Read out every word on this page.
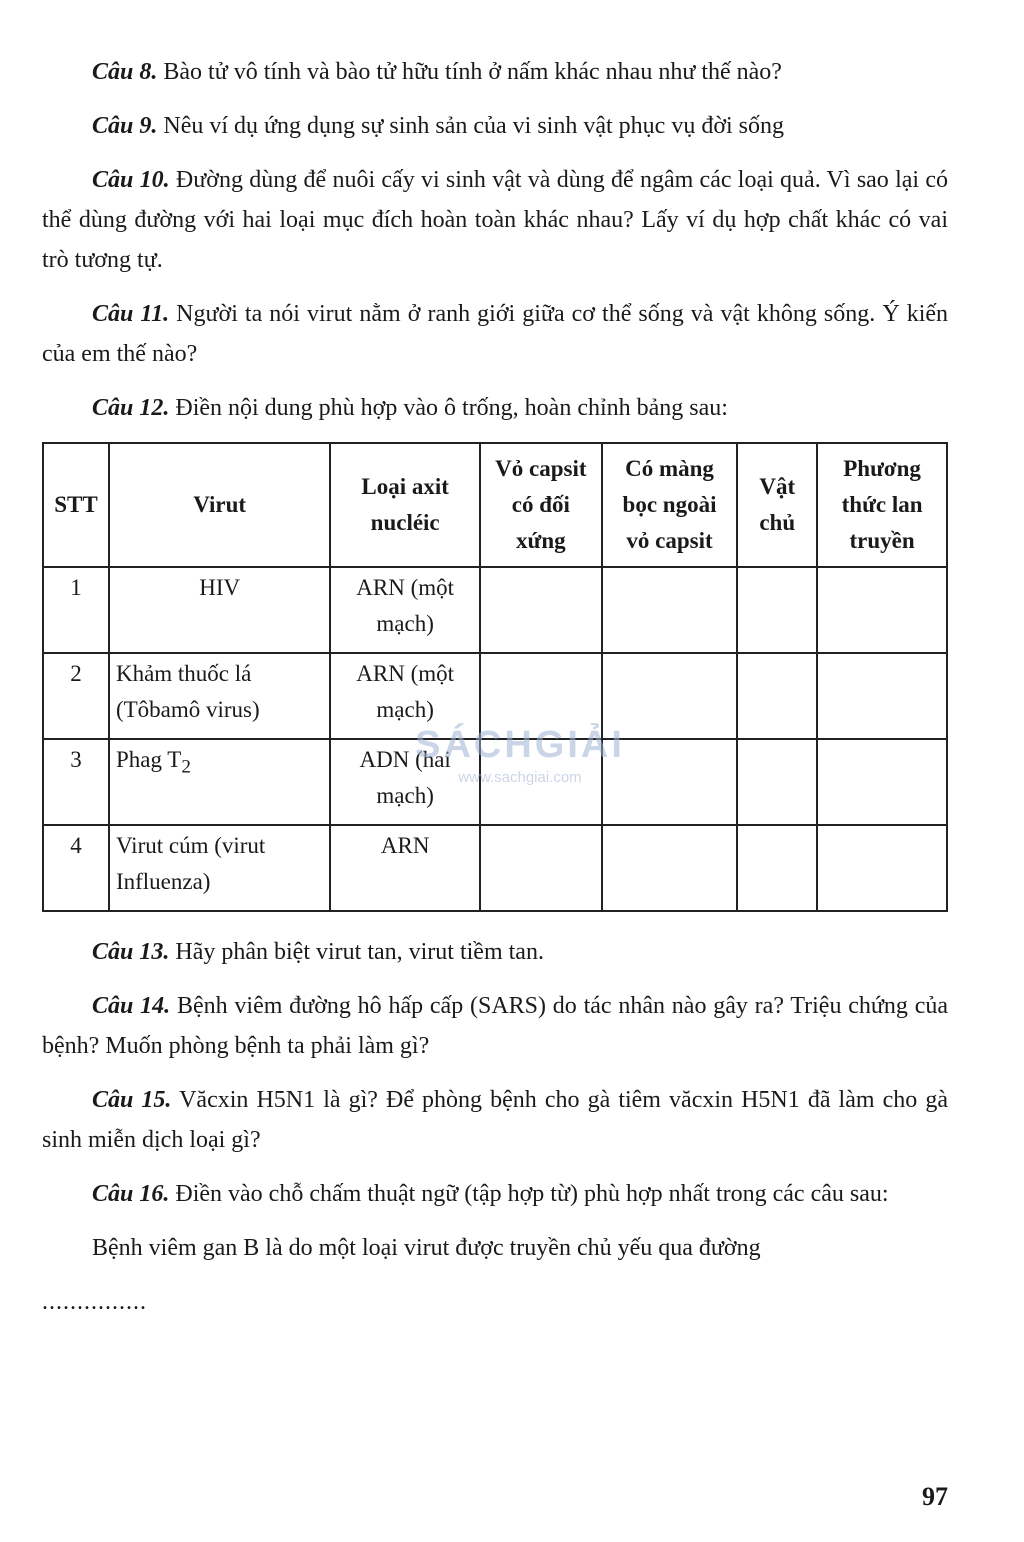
Câu 8. Bào tử vô tính và bào tử hữu tính ở nấm khác nhau như thế nào?

Câu 9. Nêu ví dụ ứng dụng sự sinh sản của vi sinh vật phục vụ đời sống

Câu 10. Đường dùng để nuôi cấy vi sinh vật và dùng để ngâm các loại quả. Vì sao lại có thể dùng đường với hai loại mục đích hoàn toàn khác nhau? Lấy ví dụ hợp chất khác có vai trò tương tự.

Câu 11. Người ta nói virut nằm ở ranh giới giữa cơ thể sống và vật không sống. Ý kiến của em thế nào?

Câu 12. Điền nội dung phù hợp vào ô trống, hoàn chỉnh bảng sau:

STT	Virut	Loại axit nucléic	Vỏ capsit có đối xứng	Có màng bọc ngoài vỏ capsit	Vật chủ	Phương thức lan truyền
1	HIV	ARN (một mạch)				
2	Khảm thuốc lá (Tôbamô virus)	ARN (một mạch)				
3	Phag $T_2$	ADN (hai mạch)				
4	Virut cúm (virut Influenza)	ARN				

Câu 13. Hãy phân biệt virut tan, virut tiềm tan.

Câu 14. Bệnh viêm đường hô hấp cấp (SARS) do tác nhân nào gây ra? Triệu chứng của bệnh? Muốn phòng bệnh ta phải làm gì?

Câu 15. Văcxin H5N1 là gì? Để phòng bệnh cho gà tiêm văcxin H5N1 đã làm cho gà sinh miễn dịch loại gì?

Câu 16. Điền vào chỗ chấm thuật ngữ (tập hợp từ) phù hợp nhất trong các câu sau:

Bệnh viêm gan B là do một loại virut được truyền chủ yếu qua đường

...............

SÁCHGIẢI
www.sachgiai.com
97
